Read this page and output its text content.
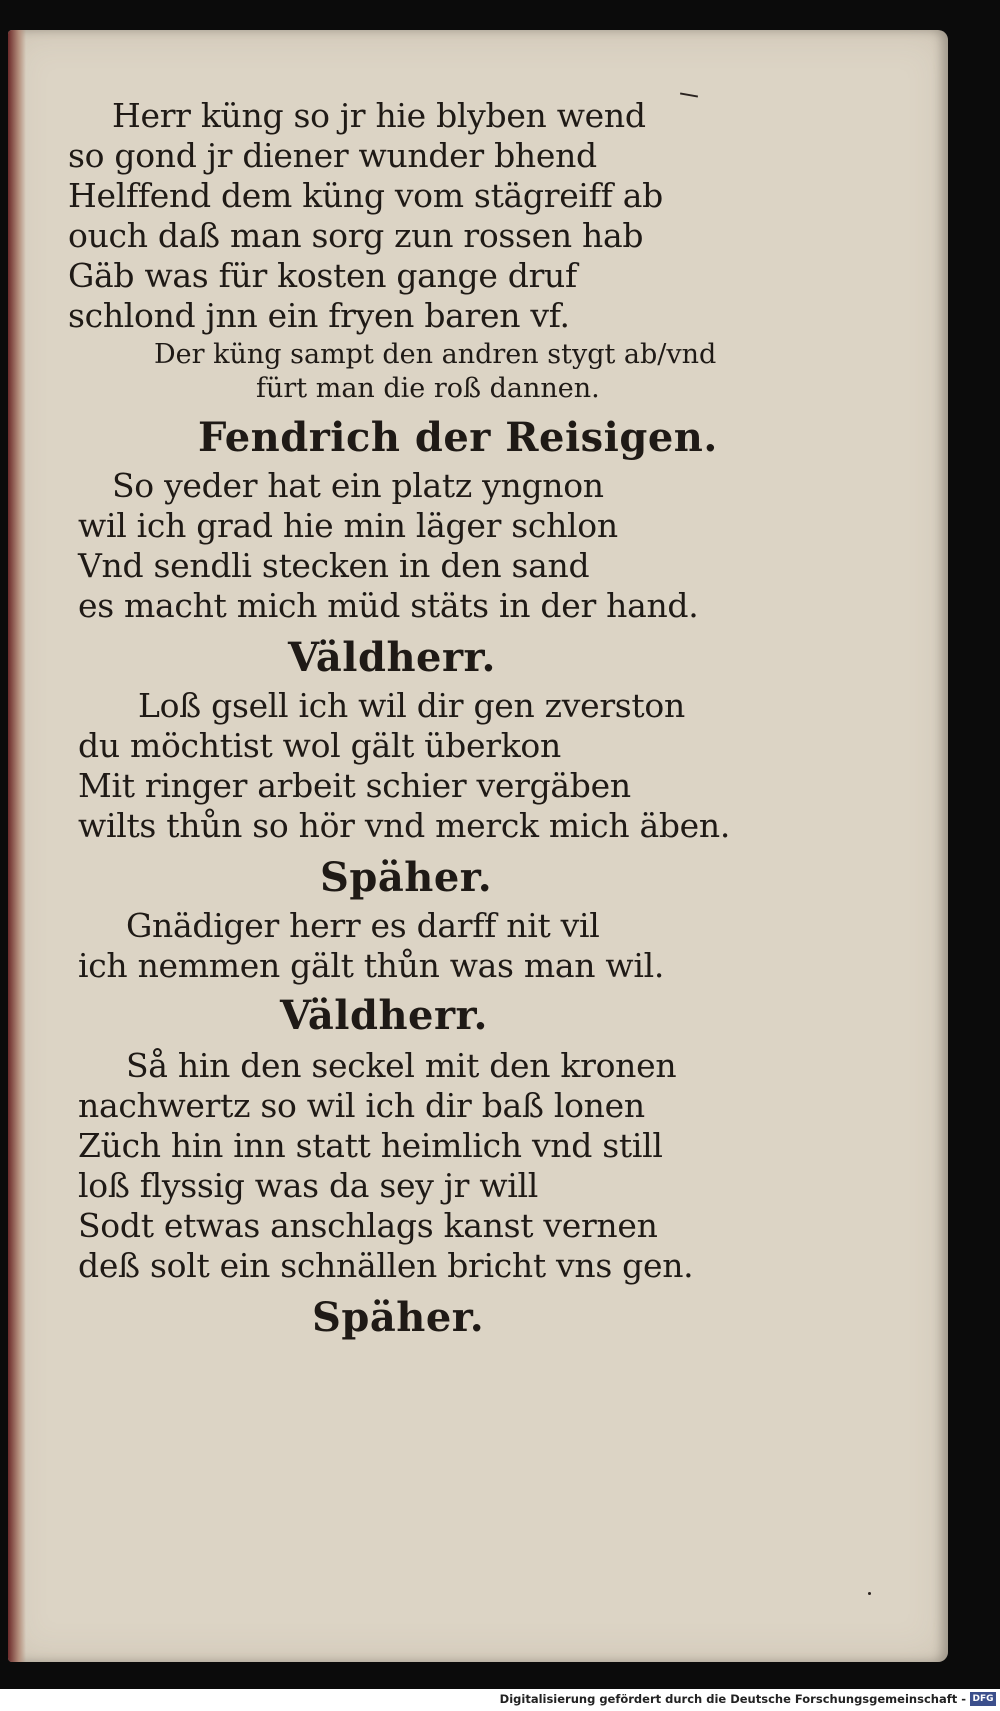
Herr küng so jr hie blyben wend
so gond jr diener wunder bhend
Helffend dem küng vom stägreiff ab
ouch daß man sorg zun rossen hab
Gäb was für kosten gange druf
schlond jnn ein fryen baren vf.
Der küng sampt den andren stygt ab/vnd
fürt man die roß dannen.
Fendrich der Reisigen.
So yeder hat ein platz yngnon
wil ich grad hie min läger schlon
Vnd sendli stecken in den sand
es macht mich müd stäts in der hand.
Väldherr.
Loß gsell ich wil dir gen zverston
du möchtist wol gält überkon
Mit ringer arbeit schier vergäben
wilts thůn so hör vnd merck mich äben.
Späher.
Gnädiger herr es darff nit vil
ich nemmen gält thůn was man wil.
Väldherr.
Så hin den seckel mit den kronen
nachwertz so wil ich dir baß lonen
Züch hin inn statt heimlich vnd still
loß flyssig was da sey jr will
Sodt etwas anschlags kanst vernen
deß solt ein schnällen bricht vns gen.
Späher.
Digitalisierung gefördert durch die Deutsche Forschungsgemeinschaft - DFG
